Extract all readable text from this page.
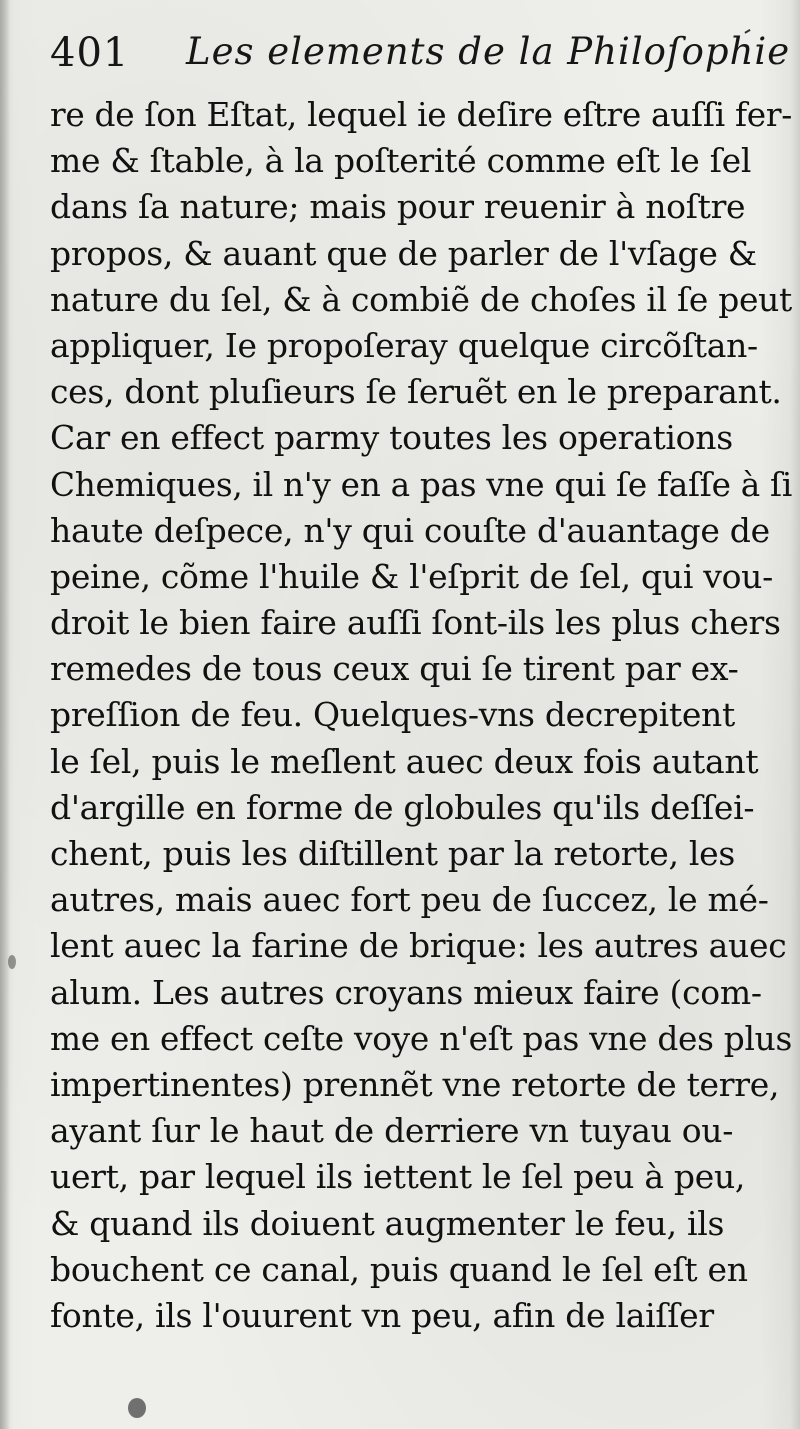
401 Les elements de la Philoſophie
re de ſon Eſtat, lequel ie deſire eſtre auſſi fer-
me & ſtable, à la poſterité comme eſt le ſel
dans ſa nature; mais pour reuenir à noſtre
propos, & auant que de parler de l'vſage &
nature du ſel, & à combiẽ de choſes il ſe peut
appliquer, Ie propoſeray quelque circõſtan-
ces, dont pluſieurs ſe ſeruẽt en le preparant.
Car en effect parmy toutes les operations
Chemiques, il n'y en a pas vne qui ſe faſſe à ſi
haute deſpece, n'y qui couſte d'auantage de
peine, cõme l'huile & l'eſprit de ſel, qui vou-
droit le bien faire auſſi ſont-ils les plus chers
remedes de tous ceux qui ſe tirent par ex-
preſſion de feu. Quelques-vns decrepitent
le ſel, puis le meſlent auec deux fois autant
d'argille en forme de globules qu'ils deſſei-
chent, puis les diſtillent par la retorte, les
autres, mais auec fort peu de ſuccez, le mé-
lent auec la farine de brique: les autres auec
alum. Les autres croyans mieux faire (com-
me en effect ceſte voye n'eſt pas vne des plus
impertinentes) prennẽt vne retorte de terre,
ayant ſur le haut de derriere vn tuyau ou-
uert, par lequel ils iettent le ſel peu à peu,
& quand ils doiuent augmenter le feu, ils
bouchent ce canal, puis quand le ſel eſt en
fonte, ils l'ouurent vn peu, afin de laiſſer
